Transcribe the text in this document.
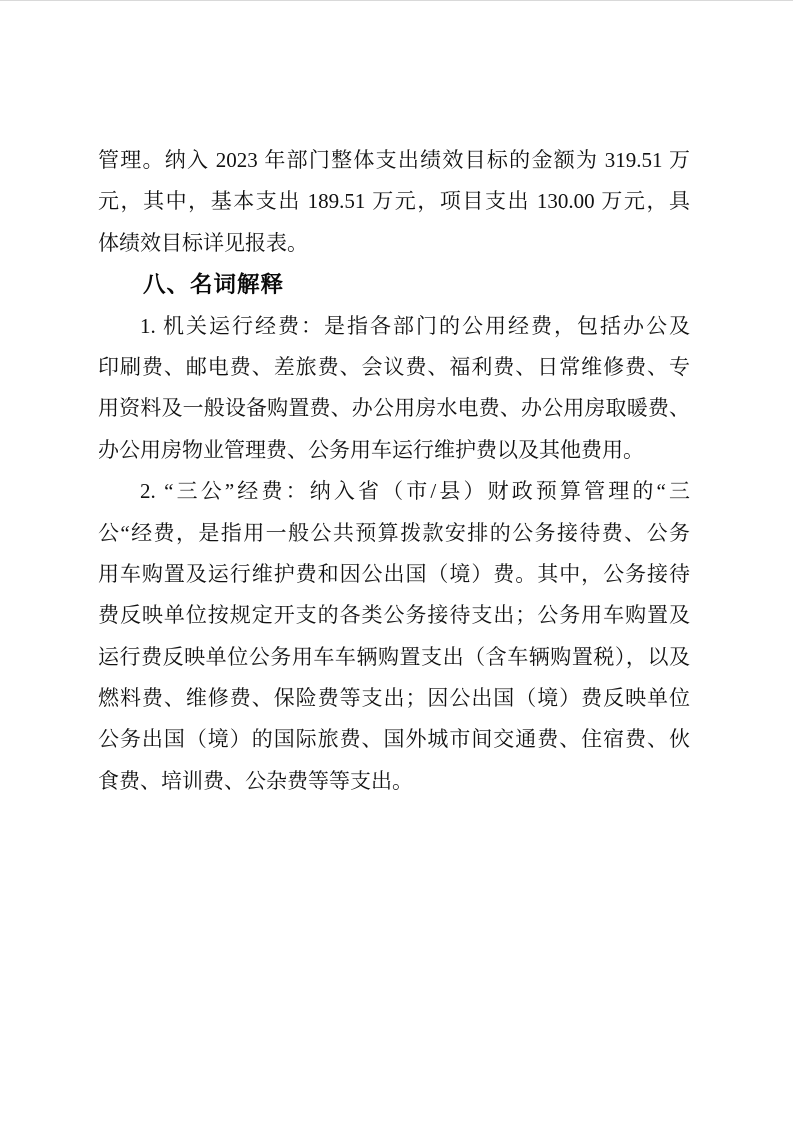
管理。纳入 2023 年部门整体支出绩效目标的金额为 319.51 万
元，其中，基本支出 189.51 万元，项目支出 130.00 万元，具
体绩效目标详见报表。
八、名词解释
1. 机关运行经费：是指各部门的公用经费，包括办公及
印刷费、邮电费、差旅费、会议费、福利费、日常维修费、专
用资料及一般设备购置费、办公用房水电费、办公用房取暖费、
办公用房物业管理费、公务用车运行维护费以及其他费用。
2. “三公”经费：纳入省（市/县）财政预算管理的“三
公“经费，是指用一般公共预算拨款安排的公务接待费、公务
用车购置及运行维护费和因公出国（境）费。其中，公务接待
费反映单位按规定开支的各类公务接待支出；公务用车购置及
运行费反映单位公务用车车辆购置支出（含车辆购置税），以及
燃料费、维修费、保险费等支出；因公出国（境）费反映单位
公务出国（境）的国际旅费、国外城市间交通费、住宿费、伙
食费、培训费、公杂费等等支出。
